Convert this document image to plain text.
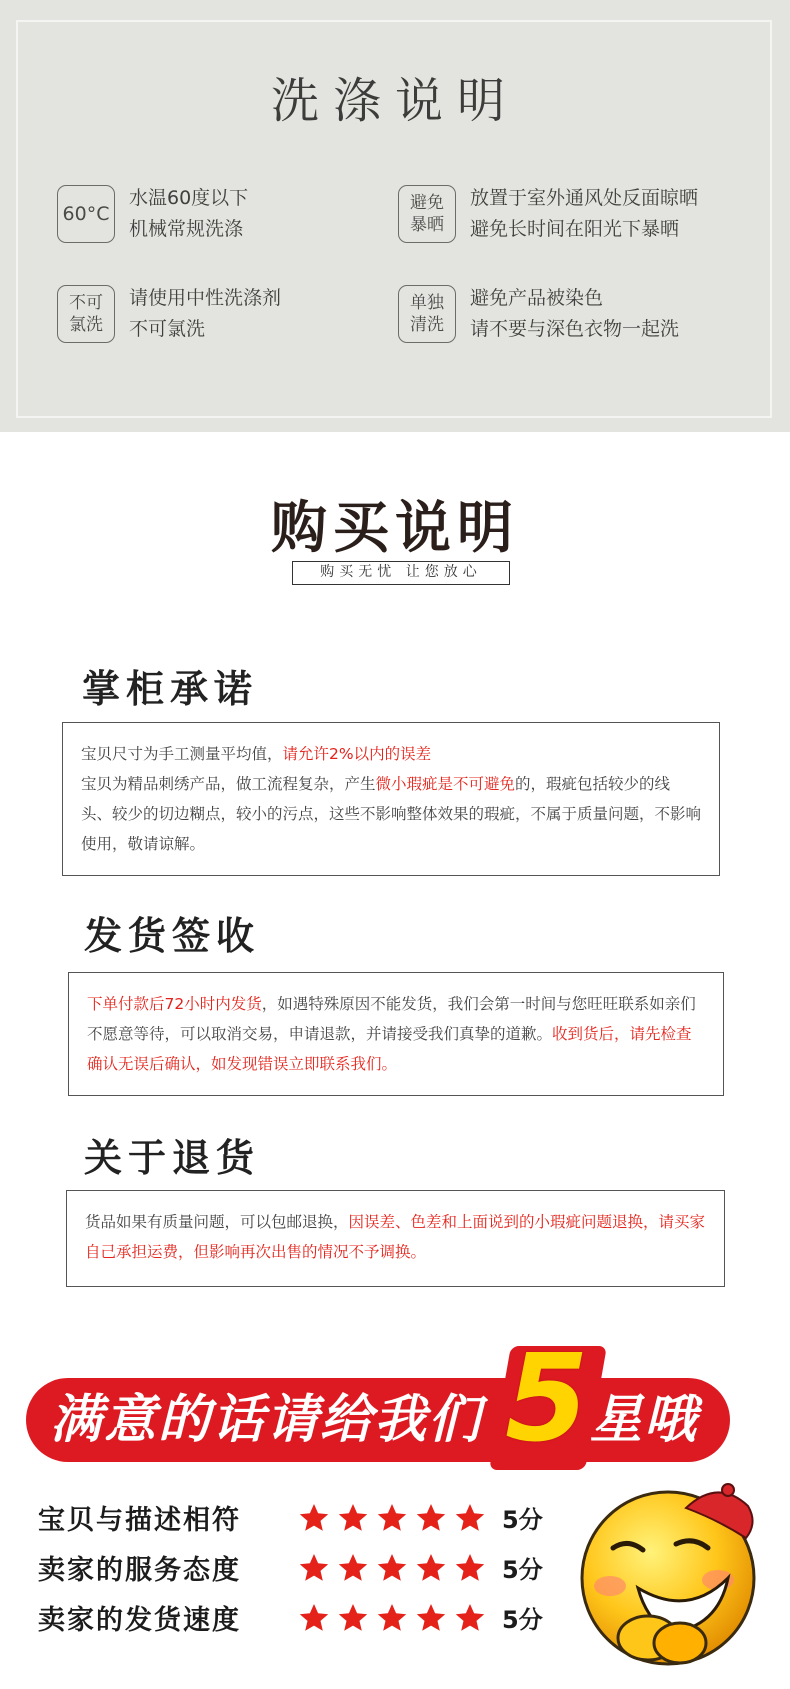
洗涤说明
60°C
水温60度以下
机械常规洗涤
避免
暴晒
放置于室外通风处反面晾晒
避免长时间在阳光下暴晒
不可
氯洗
请使用中性洗涤剂
不可氯洗
单独
清洗
避免产品被染色
请不要与深色衣物一起洗
购买说明
购买无忧 让您放心
掌柜承诺
宝贝尺寸为手工测量平均值，请允许2%以内的误差
宝贝为精品刺绣产品，做工流程复杂，产生微小瑕疵是不可避免的，瑕疵包括较少的线头、较少的切边糊点，较小的污点，这些不影响整体效果的瑕疵，不属于质量问题，不影响使用，敬请谅解。
发货签收
下单付款后72小时内发货，如遇特殊原因不能发货，我们会第一时间与您旺旺联系如亲们不愿意等待，可以取消交易，申请退款，并请接受我们真挚的道歉。收到货后，请先检查确认无误后确认，如发现错误立即联系我们。
关于退货
货品如果有质量问题，可以包邮退换，因误差、色差和上面说到的小瑕疵问题退换，请买家自己承担运费，但影响再次出售的情况不予调换。
满意的话请给我们 5 星哦
宝贝与描述相符	5分
卖家的服务态度	5分
卖家的发货速度	5分
